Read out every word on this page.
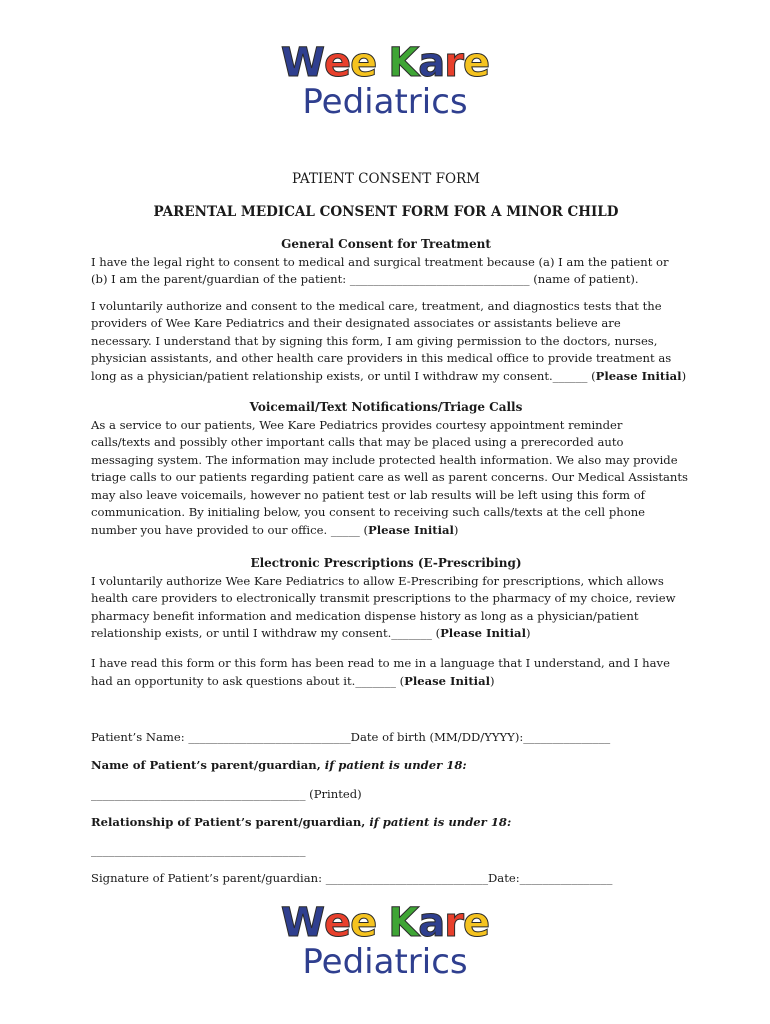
W e e K a r e
Pediatrics
PATIENT CONSENT FORM
PARENTAL MEDICAL CONSENT FORM FOR A MINOR CHILD
General Consent for Treatment
I have the legal right to consent to medical and surgical treatment because (a) I am the patient or
(b) I am the parent/guardian of the patient: _______________________________ (name of patient).
I voluntarily authorize and consent to the medical care, treatment, and diagnostics tests that the
providers of Wee Kare Pediatrics and their designated associates or assistants believe are
necessary. I understand that by signing this form, I am giving permission to the doctors, nurses,
physician assistants, and other health care providers in this medical office to provide treatment as
long as a physician/patient relationship exists, or until I withdraw my consent.______ (Please Initial)
Voicemail/Text Notifications/Triage Calls
As a service to our patients, Wee Kare Pediatrics provides courtesy appointment reminder
calls/texts and possibly other important calls that may be placed using a prerecorded auto
messaging system. The information may include protected health information. We also may provide
triage calls to our patients regarding patient care as well as parent concerns. Our Medical Assistants
may also leave voicemails, however no patient test or lab results will be left using this form of
communication. By initialing below, you consent to receiving such calls/texts at the cell phone
number you have provided to our office. _____ (Please Initial)
Electronic Prescriptions (E-Prescribing)
I voluntarily authorize Wee Kare Pediatrics to allow E-Prescribing for prescriptions, which allows
health care providers to electronically transmit prescriptions to the pharmacy of my choice, review
pharmacy benefit information and medication dispense history as long as a physician/patient
relationship exists, or until I withdraw my consent._______ (Please Initial)
I have read this form or this form has been read to me in a language that I understand, and I have
had an opportunity to ask questions about it._______ (Please Initial)
Patient’s Name: ____________________________Date of birth (MM/DD/YYYY):_______________
Name of Patient’s parent/guardian, if patient is under 18:
_____________________________________ (Printed)
Relationship of Patient’s parent/guardian, if patient is under 18:
_____________________________________
Signature of Patient’s parent/guardian: ____________________________Date:________________
W e e K a r e
Pediatrics
